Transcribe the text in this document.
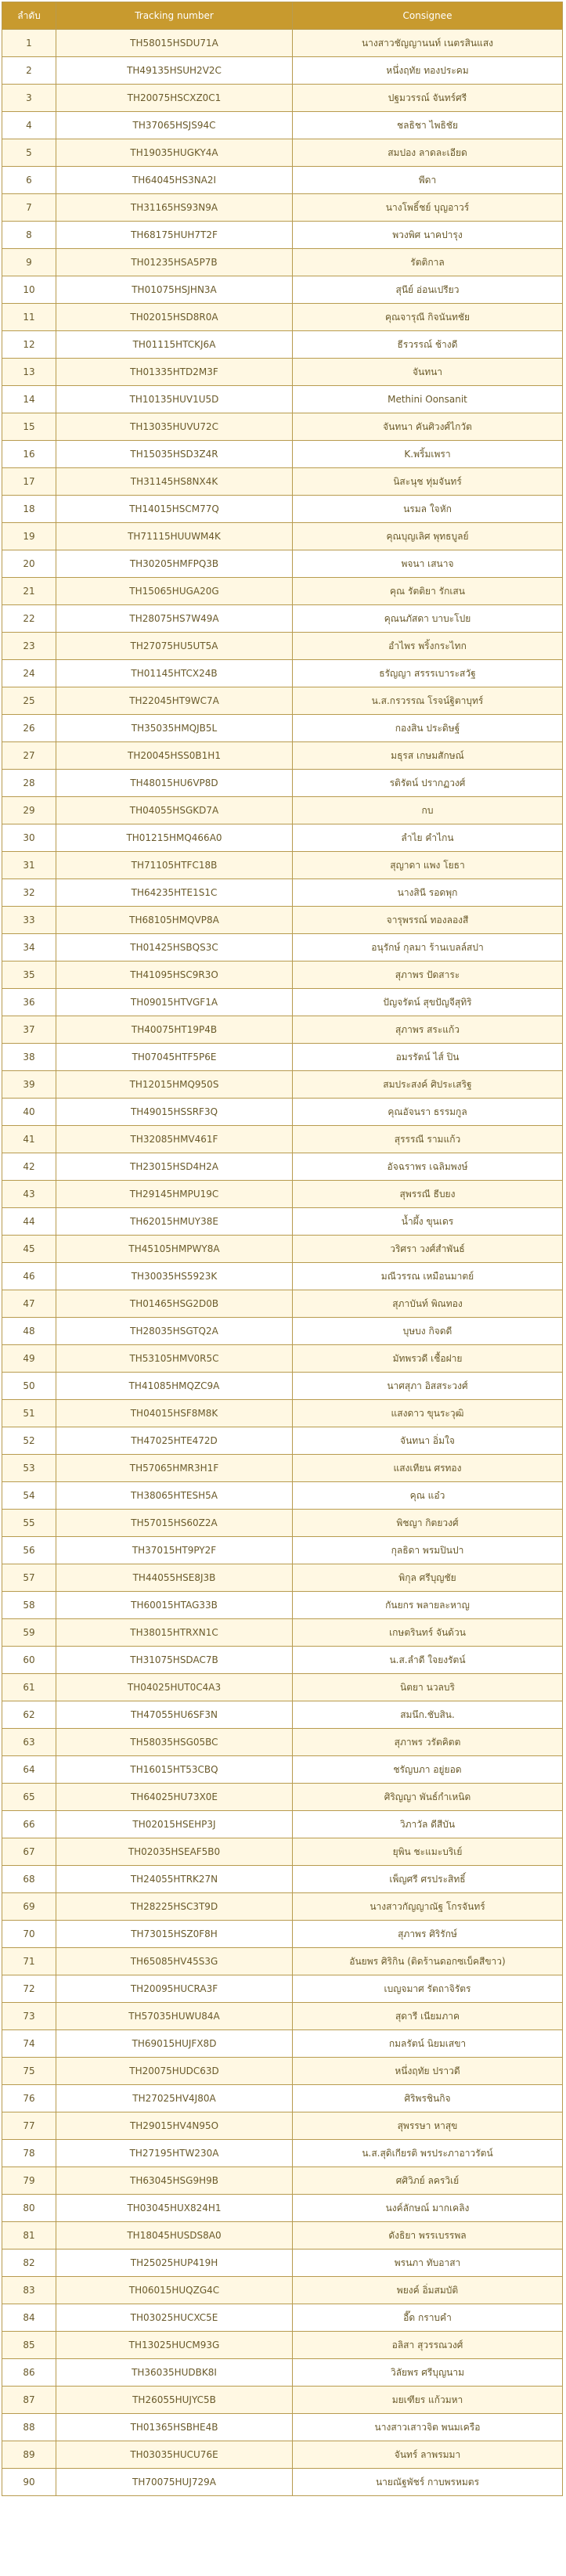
ลำดับ	Tracking number	Consignee
1	TH58015HSDU71A	นางสาวชัญญานนท์ เนตรสินแสง
2	TH49135HSUH2V2C	หนึ่งฤทัย ทองประคม
3	TH20075HSCXZ0C1	ปฐมวรรณ์ จันทร์ศรี
4	TH37065HSJS94C	ชลธิชา ไพธิชัย
5	TH19035HUGKY4A	สมปอง ลาดละเอียด
6	TH64045HS3NA2I	พีดา
7	TH31165HS93N9A	นางโพธิ์ชย์ บุญอาวร์
8	TH68175HUH7T2F	พวงพิศ นาคปารุง
9	TH01235HSA5P7B	รัตติกาล
10	TH01075HSJHN3A	สุนีย์ อ่อนเปรียว
11	TH02015HSD8R0A	คุณจารุณี กิจนันทชัย
12	TH01115HTCKJ6A	ธีรวรรณ์ ช้างดี
13	TH01335HTD2M3F	จันทนา
14	TH10135HUV1U5D	Methini Oonsanit
15	TH13035HUVU72C	จันทนา คันศิวงศ์ไกวัต
16	TH15035HSD3Z4R	K.พริ้มเพรา
17	TH31145HS8NX4K	นิสะนุช ทุ่มจันทร์
18	TH14015HSCM77Q	นรมล ใจหัก
19	TH71115HUUWM4K	คุณบุญเลิศ พุทธบูลย์
20	TH30205HMFPQ3B	พจนา เสนาจ
21	TH15065HUGA20G	คุณ รัตติยา รักเสน
22	TH28075HS7W49A	คุณนภัสดา บาบะโปย
23	TH27075HU5UT5A	อำไพร พริ้งกระไทก
24	TH01145HTCX24B	ธรัญญา สรรรเบาระสวัฐ
25	TH22045HT9WC7A	น.ส.กรวรรณ โรจน์ฐิตาบุทร์
26	TH35035HMQJB5L	กองสิน ประดิษฐ์
27	TH20045HSS0B1H1	มธุรส เกษมสักษณ์
28	TH48015HU6VP8D	รติรัตน์ ปรากฏวงศ์
29	TH04055HSGKD7A	กบ
30	TH01215HMQ466A0	ลำไย คำไกน
31	TH71105HTFC18B	สุญาดา แพง โยธา
32	TH64235HTE1S1C	นางสินี รอดพุก
33	TH68105HMQVP8A	จารุพรรณ์ ทองลองสี
34	TH01425HSBQS3C	อนุรักษ์ กุลมา ร้านเบลล์สปา
35	TH41095HSC9R3O	สุภาพร ปัดสาระ
36	TH09015HTVGF1A	ปัญจรัตน์ สุขปัญจีสุทิริ
37	TH40075HT19P4B	สุภาพร สระแก้ว
38	TH07045HTF5P6E	อมรรัตน์ ไส์ ปิน
39	TH12015HMQ950S	สมประสงค์ ศิประเสริฐ
40	TH49015HSSRF3Q	คุณอัจนรา ธรรมกูล
41	TH32085HMV461F	สุรรรณี รามแก้ว
42	TH23015HSD4H2A	อัจฉราพร เฉลิมพงษ์
43	TH29145HMPU19C	สุพรรณี ธีบยง
44	TH62015HMUY38E	น้ำผึ้ง ขุนเดร
45	TH45105HMPWY8A	วริศรา วงศ์สำพันธ์
46	TH30035HS5923K	มณีวรรณ เหมือนมาตย์
47	TH01465HSG2D0B	สุภาบันท์ พิณทอง
48	TH28035HSGTQ2A	บุษบง กิจดดี
49	TH53105HMV0R5C	มัทพรวดี เชื้อฝาย
50	TH41085HMQZC9A	นาศสุภา อิสสระวงศ์
51	TH04015HSF8M8K	แสงดาว ขุนระวุฒิ
52	TH47025HTE472D	จันทนา อิ่มใจ
53	TH57065HMR3H1F	แสงเทียน ศรทอง
54	TH38065HTESH5A	คุณ แอ๋ว
55	TH57015HS60Z2A	พิชญา กิตยวงศ์
56	TH37015HT9PY2F	กุลธิดา พรมปินปา
57	TH44055HSE8J3B	พิกุล ศรีบุญชัย
58	TH60015HTAG33B	กันยกร พลายละหาญ
59	TH38015HTRXN1C	เกษตรินทร์ จันด้วน
60	TH31075HSDAC7B	น.ส.ลำดี ใจยงรัตน์
61	TH04025HUT0C4A3	นิตยา นวลบริ
62	TH47055HU6SF3N	สมนึก.ชับสิน.
63	TH58035HSG05BC	สุภาพร วรัตคิตต
64	TH16015HT53CBQ	ชรัญบภา อยู่ยอด
65	TH64025HU73X0E	ศิริญญา พันธ์กำเหนิด
66	TH02015HSEHP3J	วิภาวัล ดีสีบัน
67	TH02035HSEAF5B0	ยุพิน ชะแมะบริเย์
68	TH24055HTRK27N	เพ็ญศรี ศรประสิทธิ์
69	TH28225HSC3T9D	นางสาวกัญญาณัฐ โกรจันทร์
70	TH73015HSZ0F8H	สุภาพร ศิริรักษ์
71	TH65085HV45S3G	อันยพร ศิริกิน (ติดร้านดอกซเบ็คสีขาว)
72	TH20095HUCRA3F	เบญจมาศ รัตถาจิรัตร
73	TH57035HUWU84A	สุดารี เนียมภาค
74	TH69015HUJFX8D	กมลรัตน์ นิยมเสขา
75	TH20075HUDC63D	หนึ่งฤทัย ปราวดี
76	TH27025HV4J80A	ศิริพรชินกิจ
77	TH29015HV4N95O	สุพรรษา หาสุข
78	TH27195HTW230A	น.ส.สุดิเกียรติ พรประภาอาวรัตน์
79	TH63045HSG9H9B	ศศิวิภย์ ลครวิเย์
80	TH03045HUX824H1	นงค์ลักษณ์ มากเคลิง
81	TH18045HUSDS8A0	ดังธิยา พรรเบรรพล
82	TH25025HUP419H	พรนภา ทับอาสา
83	TH06015HUQZG4C	พยงค์ อิ่มสมบัติ
84	TH03025HUCXC5E	อี๊ด กราบคำ
85	TH13025HUCM93G	อลิสา สุวรรณวงศ์
86	TH36035HUDBK8I	วิลัยพร ศรีบุญนาม
87	TH26055HUJYC5B	มยเฑียร แก้วมหา
88	TH01365HSBHE4B	นางสาวเสาวจิต พนมเครือ
89	TH03035HUCU76E	จันทร์ ลาพรมมา
90	TH70075HUJ729A	นายณัฐพัชร์ กาบพรหมตร
